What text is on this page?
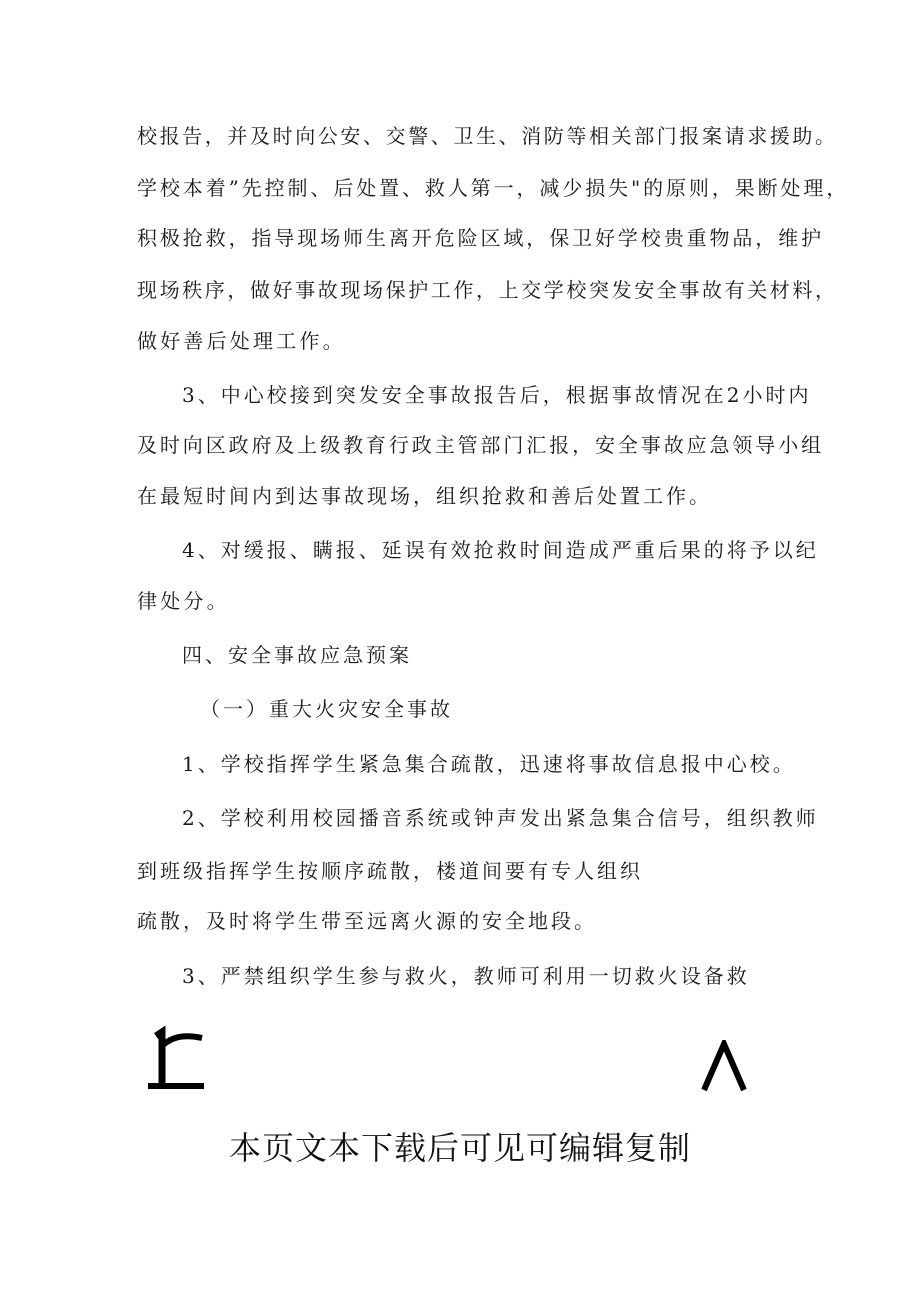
校报告，并及时向公安、交警、卫生、消防等相关部门报案请求援助。
学校本着”先控制、后处置、救人第一，减少损失"的原则，果断处理，
积极抢救，指导现场师生离开危险区域，保卫好学校贵重物品，维护
现场秩序，做好事故现场保护工作，上交学校突发安全事故有关材料，
做好善后处理工作。
3、中心校接到突发安全事故报告后，根据事故情况在2小时内
及时向区政府及上级教育行政主管部门汇报，安全事故应急领导小组
在最短时间内到达事故现场，组织抢救和善后处置工作。
4、对缓报、瞒报、延误有效抢救时间造成严重后果的将予以纪
律处分。
四、安全事故应急预案
（一）重大火灾安全事故
1、学校指挥学生紧急集合疏散，迅速将事故信息报中心校。
2、学校利用校园播音系统或钟声发出紧急集合信号，组织教师
到班级指挥学生按顺序疏散，楼道间要有专人组织
疏散，及时将学生带至远离火源的安全地段。
3、严禁组织学生参与救火，教师可利用一切救火设备救
本页文本下载后可见可编辑复制
